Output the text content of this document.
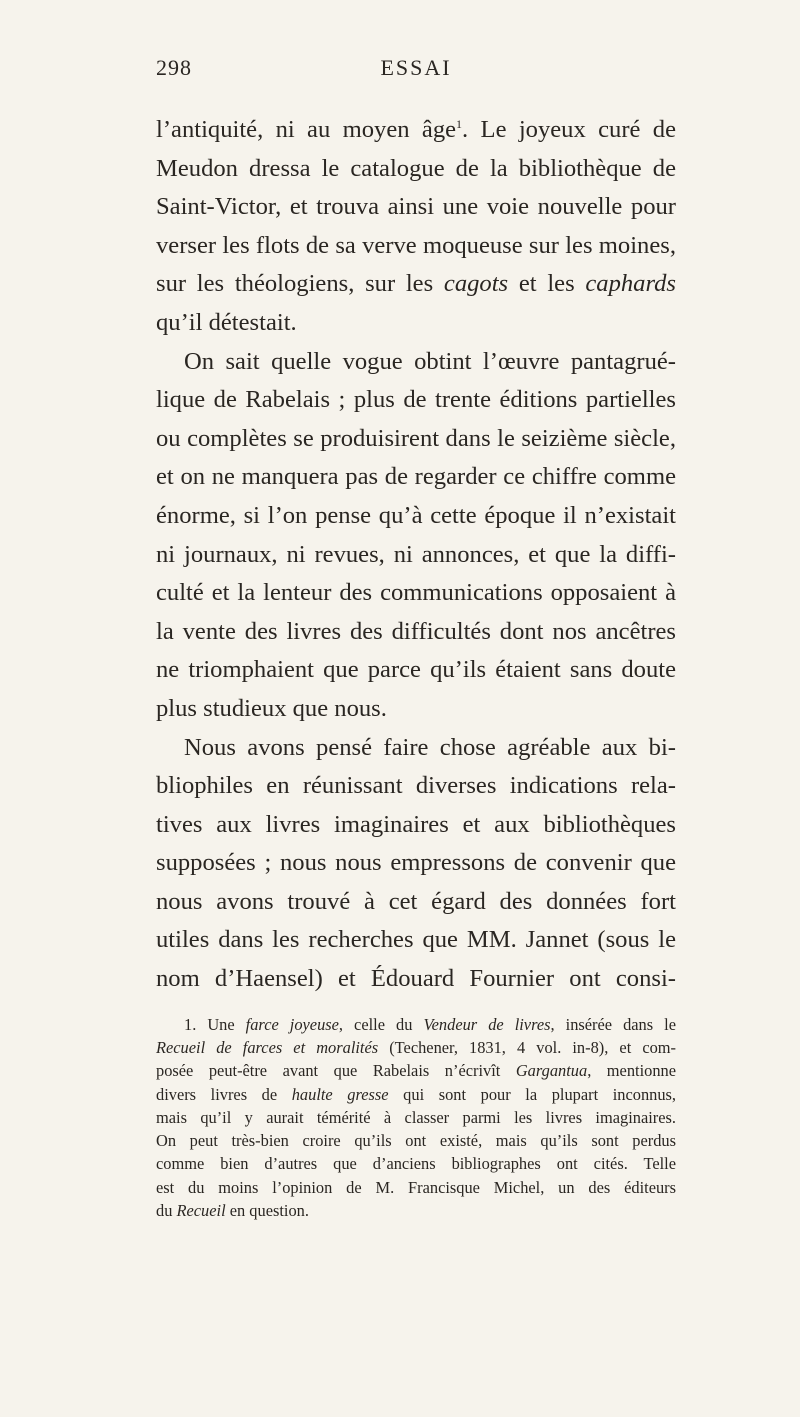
298	ESSAI
l’antiquité, ni au moyen âge$^1$. Le joyeux curé de
Meudon dressa le catalogue de la bibliothèque de
Saint-Victor, et trouva ainsi une voie nouvelle pour
verser les flots de sa verve moqueuse sur les moines,
sur les théologiens, sur les cagots et les caphards
qu’il détestait.
On sait quelle vogue obtint l’œuvre pantagrué-
lique de Rabelais ; plus de trente éditions partielles
ou complètes se produisirent dans le seizième siècle,
et on ne manquera pas de regarder ce chiffre comme
énorme, si l’on pense qu’à cette époque il n’existait
ni journaux, ni revues, ni annonces, et que la diffi-
culté et la lenteur des communications opposaient à
la vente des livres des difficultés dont nos ancêtres
ne triomphaient que parce qu’ils étaient sans doute
plus studieux que nous.
Nous avons pensé faire chose agréable aux bi-
bliophiles en réunissant diverses indications rela-
tives aux livres imaginaires et aux bibliothèques
supposées ; nous nous empressons de convenir que
nous avons trouvé à cet égard des données fort
utiles dans les recherches que MM. Jannet (sous le
nom d’Haensel) et Édouard Fournier ont consi-
1. Une farce joyeuse, celle du Vendeur de livres, insérée dans le
Recueil de farces et moralités (Techener, 1831, 4 vol. in-8), et com-
posée peut-être avant que Rabelais n’écrivît Gargantua, mentionne
divers livres de haulte gresse qui sont pour la plupart inconnus,
mais qu’il y aurait témérité à classer parmi les livres imaginaires.
On peut très-bien croire qu’ils ont existé, mais qu’ils sont perdus
comme bien d’autres que d’anciens bibliographes ont cités. Telle
est du moins l’opinion de M. Francisque Michel, un des éditeurs
du Recueil en question.
